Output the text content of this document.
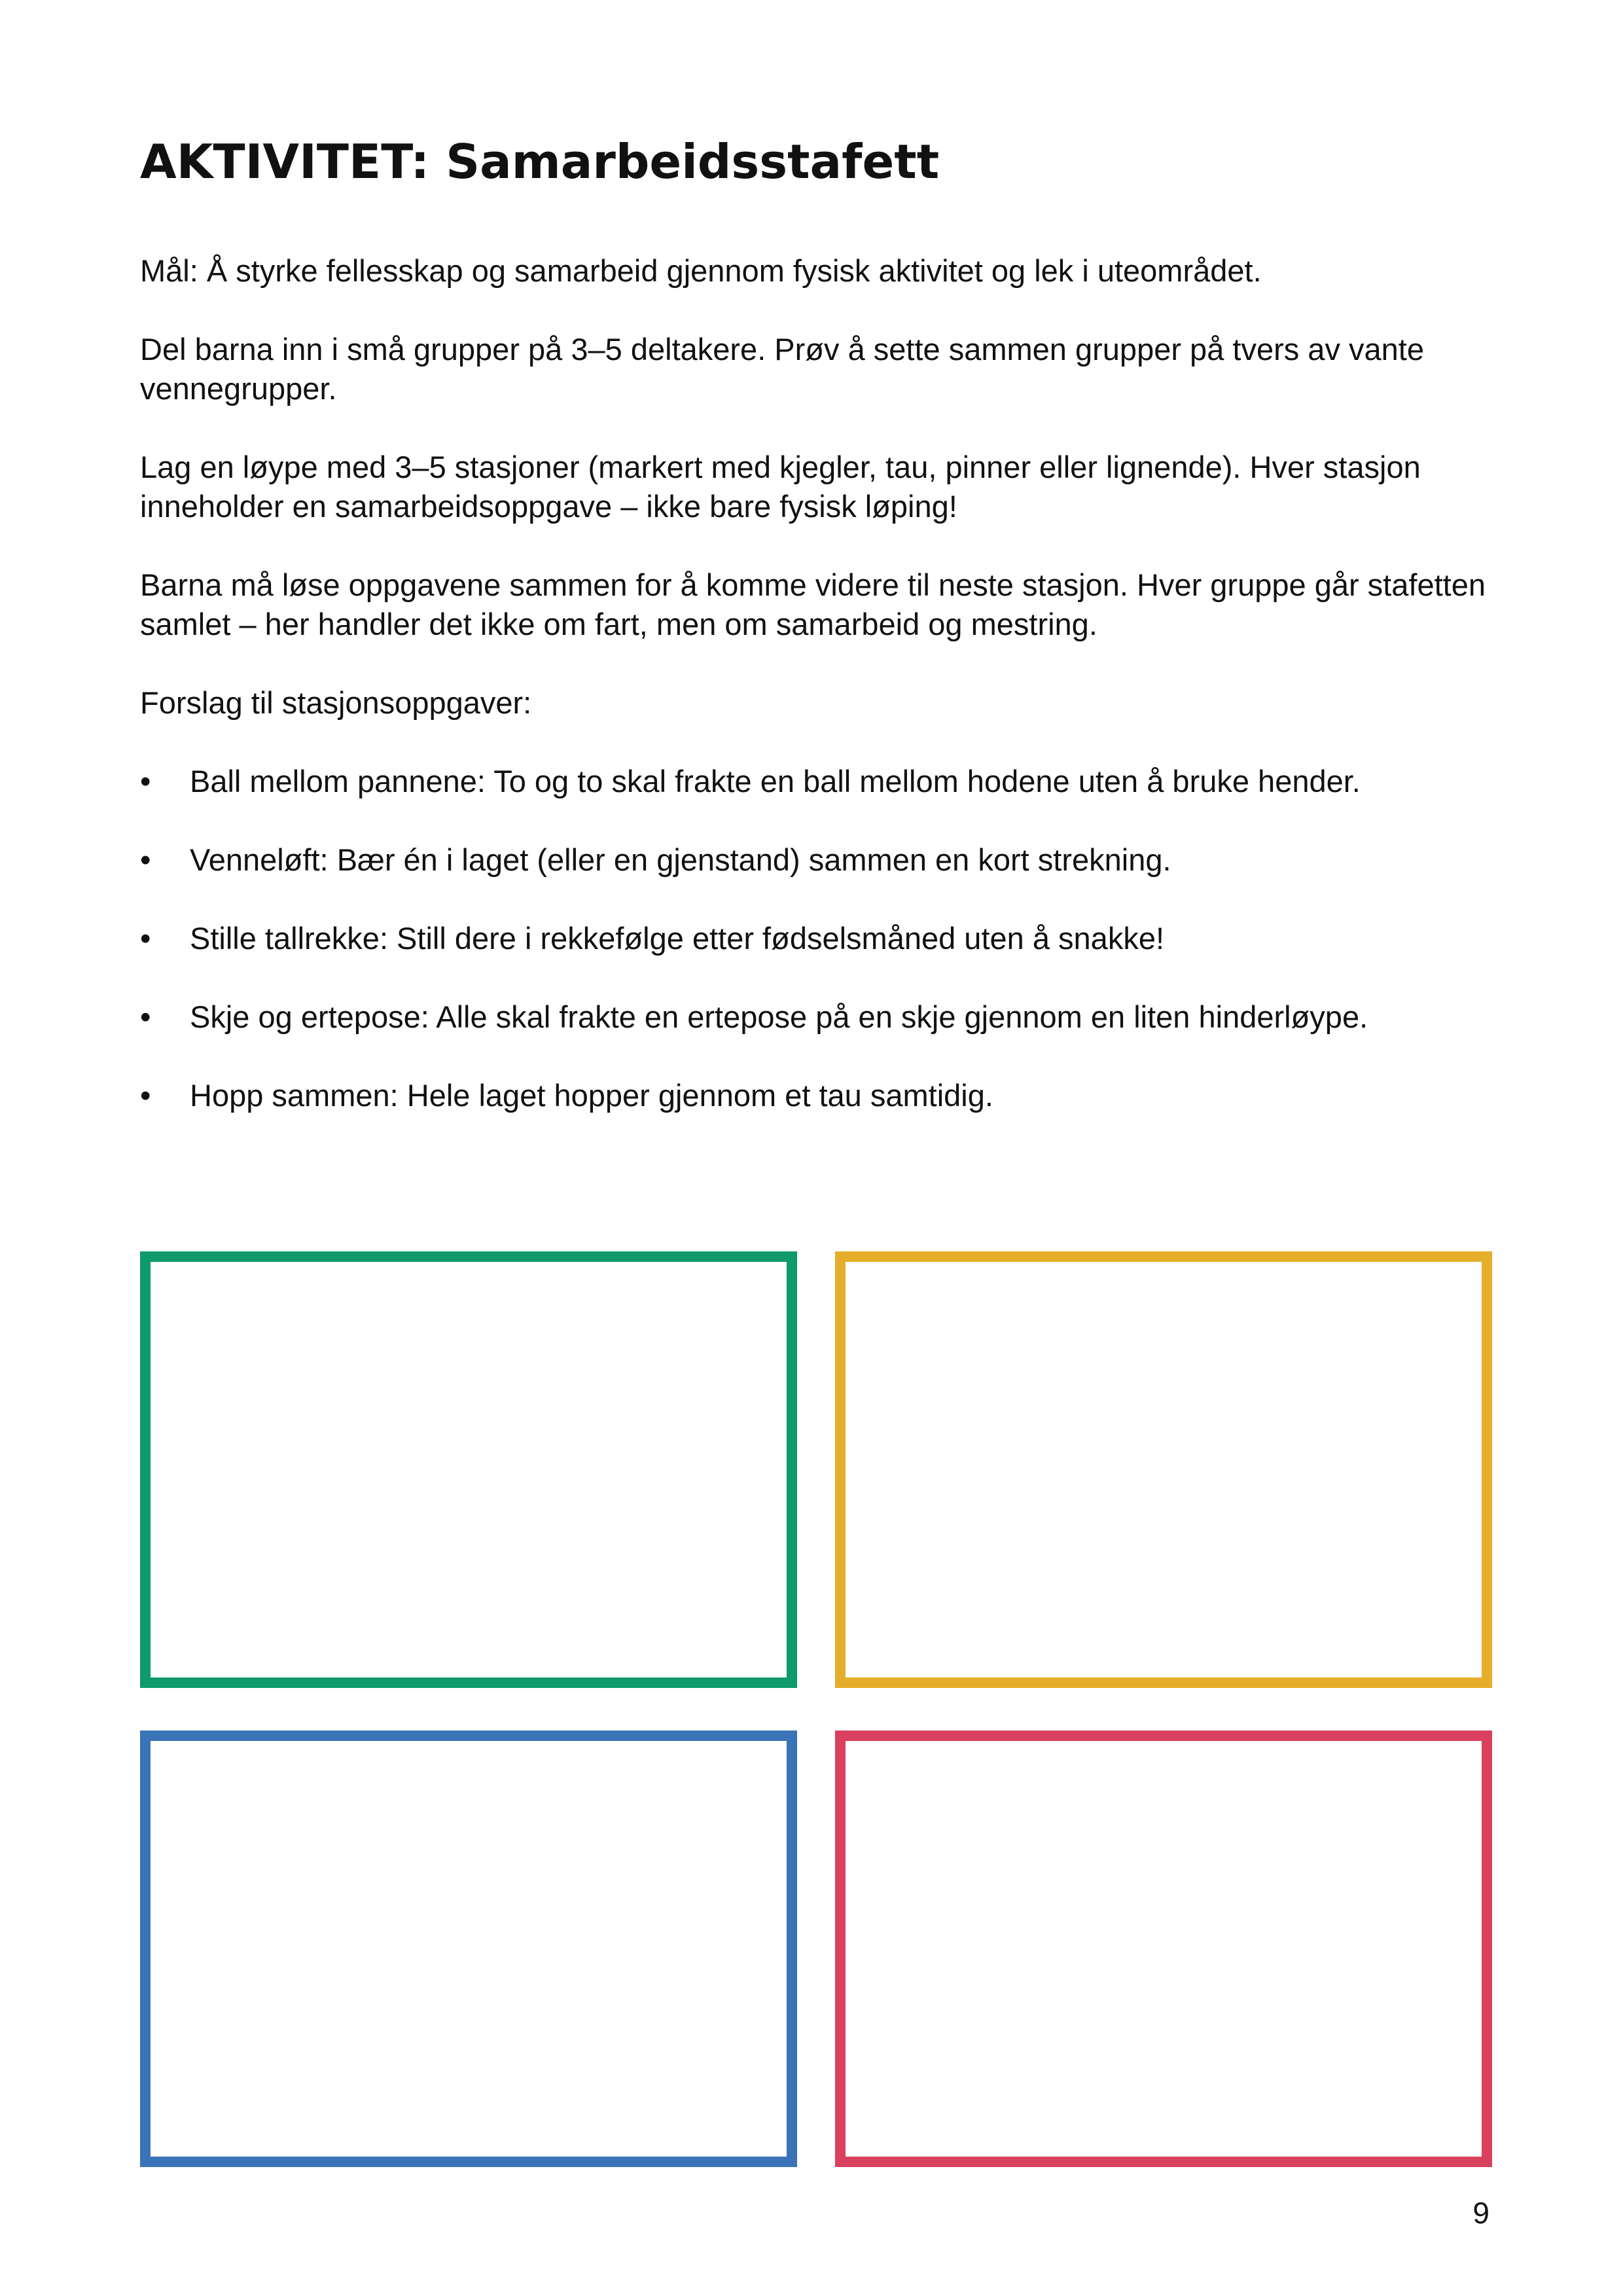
AKTIVITET: Samarbeidsstafett

Mål: Å styrke fellesskap og samarbeid gjennom fysisk aktivitet og lek i uteområdet.

Del barna inn i små grupper på 3–5 deltakere. Prøv å sette sammen grupper på tvers av vante vennegrupper.

Lag en løype med 3–5 stasjoner (markert med kjegler, tau, pinner eller lignende). Hver stasjon inneholder en samarbeidsoppgave – ikke bare fysisk løping!

Barna må løse oppgavene sammen for å komme videre til neste stasjon. Hver gruppe går stafetten samlet – her handler det ikke om fart, men om samarbeid og mestring.

Forslag til stasjonsoppgaver:

• Ball mellom pannene: To og to skal frakte en ball mellom hodene uten å bruke hender.
• Venneløft: Bær én i laget (eller en gjenstand) sammen en kort strekning.
• Stille tallrekke: Still dere i rekkefølge etter fødselsmåned uten å snakke!
• Skje og ertepose: Alle skal frakte en ertepose på en skje gjennom en liten hinderløype.
• Hopp sammen: Hele laget hopper gjennom et tau samtidig.
9
